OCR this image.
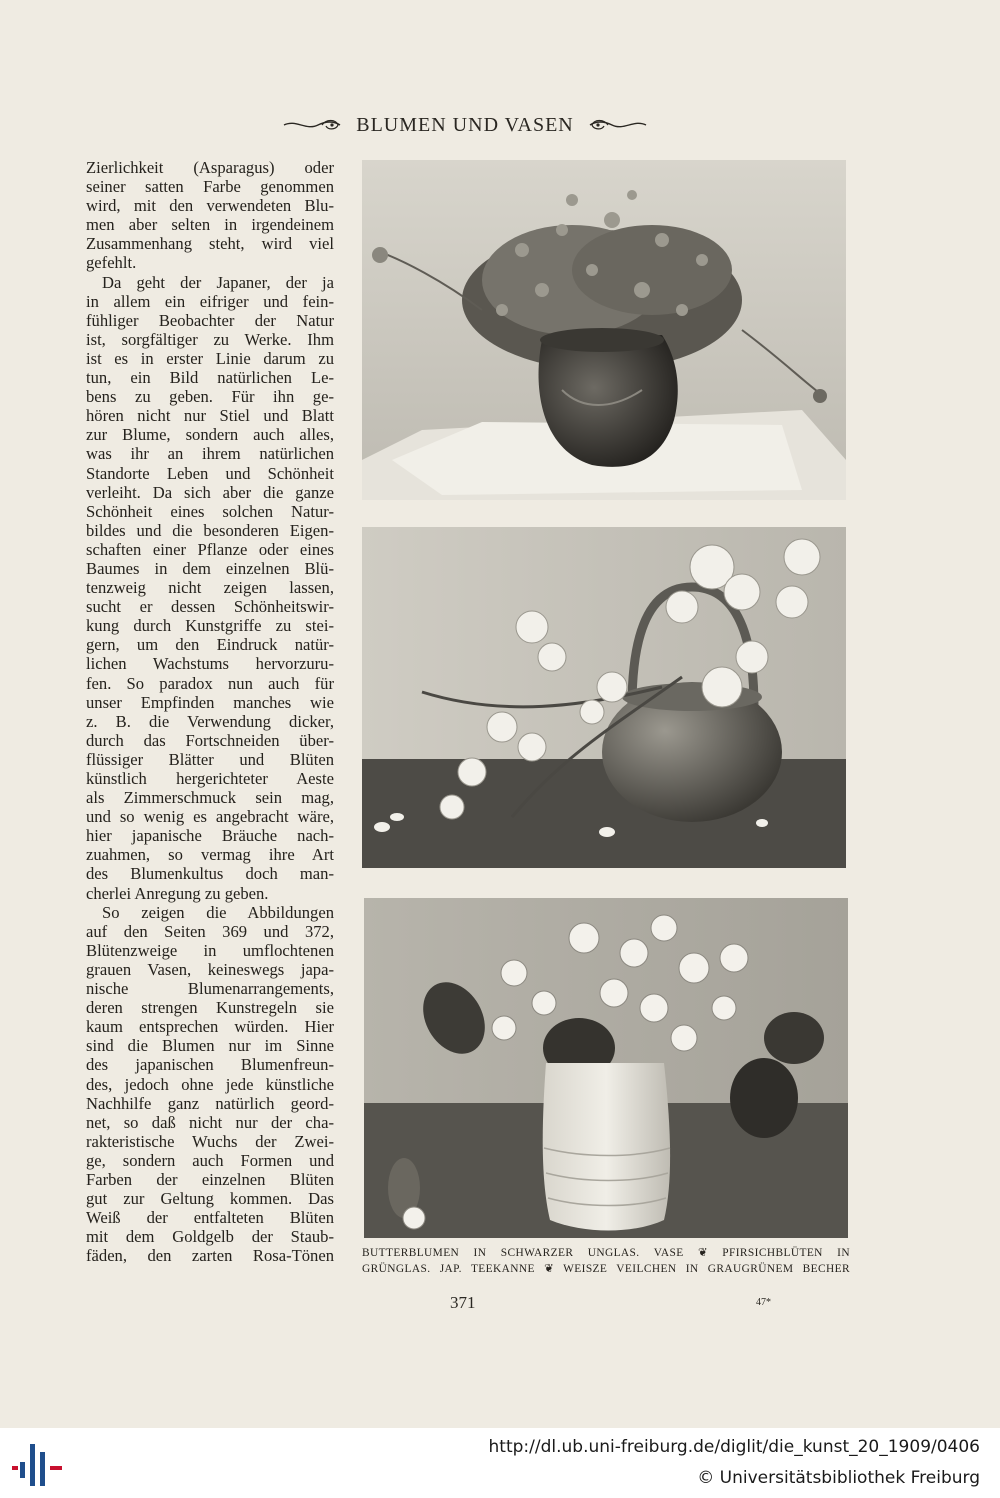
BLUMEN UND VASEN
Zierlichkeit (Asparagus) oder
seiner satten Farbe genommen
wird, mit den verwendeten Blu-
men aber selten in irgendeinem
Zusammenhang steht, wird viel
gefehlt.
Da geht der Japaner, der ja
in allem ein eifriger und fein-
fühliger Beobachter der Natur
ist, sorgfältiger zu Werke. Ihm
ist es in erster Linie darum zu
tun, ein Bild natürlichen Le-
bens zu geben. Für ihn ge-
hören nicht nur Stiel und Blatt
zur Blume, sondern auch alles,
was ihr an ihrem natürlichen
Standorte Leben und Schönheit
verleiht. Da sich aber die ganze
Schönheit eines solchen Natur-
bildes und die besonderen Eigen-
schaften einer Pflanze oder eines
Baumes in dem einzelnen Blü-
tenzweig nicht zeigen lassen,
sucht er dessen Schönheitswir-
kung durch Kunstgriffe zu stei-
gern, um den Eindruck natür-
lichen Wachstums hervorzuru-
fen. So paradox nun auch für
unser Empfinden manches wie
z. B. die Verwendung dicker,
durch das Fortschneiden über-
flüssiger Blätter und Blüten
künstlich hergerichteter Aeste
als Zimmerschmuck sein mag,
und so wenig es angebracht wäre,
hier japanische Bräuche nach-
zuahmen, so vermag ihre Art
des Blumenkultus doch man-
cherlei Anregung zu geben.
So zeigen die Abbildungen
auf den Seiten 369 und 372,
Blütenzweige in umflochtenen
grauen Vasen, keineswegs japa-
nische Blumenarrangements,
deren strengen Kunstregeln sie
kaum entsprechen würden. Hier
sind die Blumen nur im Sinne
des japanischen Blumenfreun-
des, jedoch ohne jede künstliche
Nachhilfe ganz natürlich geord-
net, so daß nicht nur der cha-
rakteristische Wuchs der Zwei-
ge, sondern auch Formen und
Farben der einzelnen Blüten
gut zur Geltung kommen. Das
Weiß der entfalteten Blüten
mit dem Goldgelb der Staub-
fäden, den zarten Rosa-Tönen BUTTERBLUMEN IN SCHWARZER UNGLAS. VASE ❦ PFIRSICHBLÜTEN IN
GRÜNGLAS. JAP. TEEKANNE ❦ WEISZE VEILCHEN IN GRAUGRÜNEM BECHER
371	47*
http://dl.ub.uni-freiburg.de/diglit/die_kunst_20_1909/0406
© Universitätsbibliothek Freiburg
